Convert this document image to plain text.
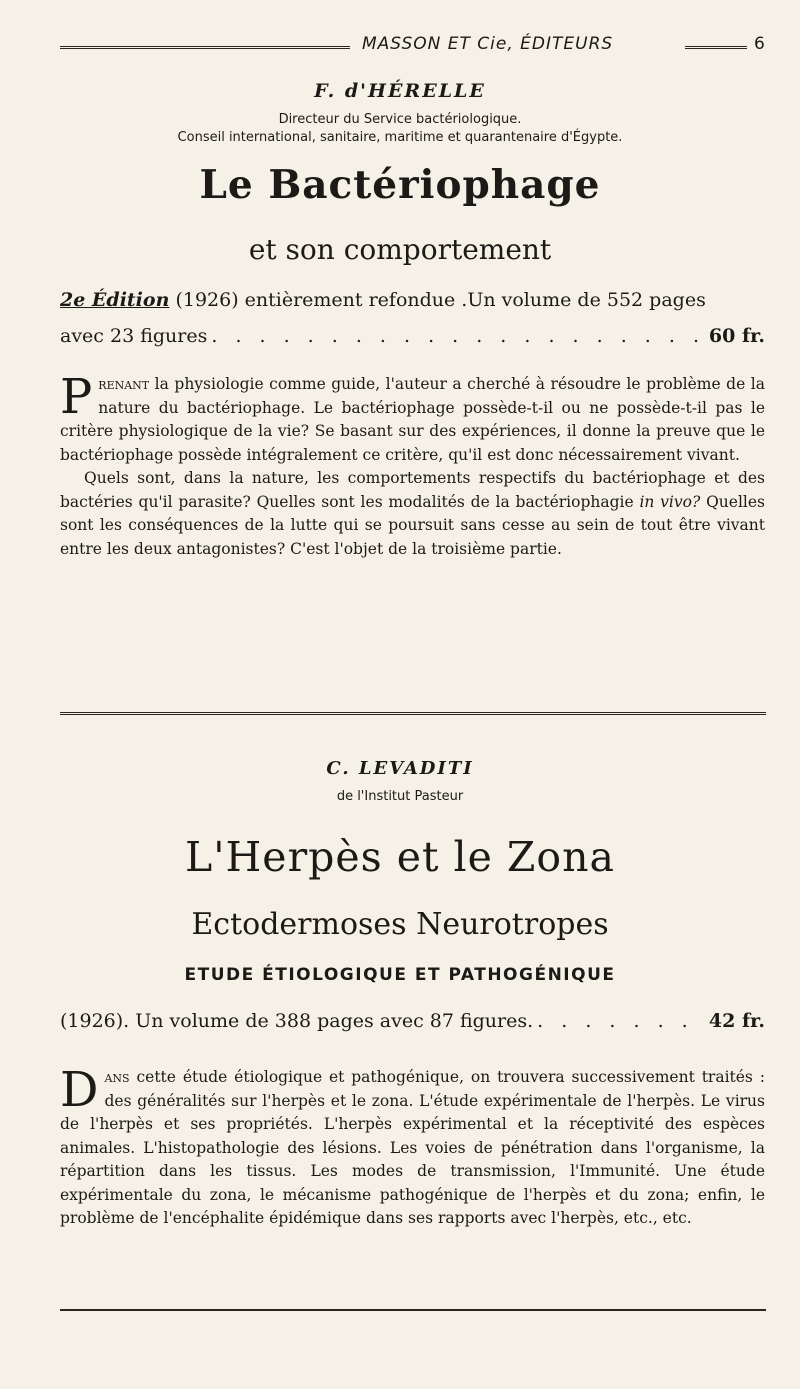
MASSON ET Cie, ÉDITEURS	6
F. d'HÉRELLE
Directeur du Service bactériologique.
Conseil international, sanitaire, maritime et quarantenaire d'Égypte.
Le Bactériophage
et son comportement
2e Édition (1926) entièrement refondue .Un volume de 552 pages
avec 23 figures . . .	60 fr.

Prenant la physiologie comme guide, l'auteur a cherché à résoudre le problème de la nature du bactériophage. Le bactériophage possède-t-il ou ne possède-t-il pas le critère physiologique de la vie? Se basant sur des expériences, il donne la preuve que le bactériophage possède intégralement ce critère, qu'il est donc nécessairement vivant.

Quels sont, dans la nature, les comportements respectifs du bactériophage et des bactéries qu'il parasite? Quelles sont les modalités de la bactériophagie in vivo? Quelles sont les conséquences de la lutte qui se poursuit sans cesse au sein de tout être vivant entre les deux antagonistes? C'est l'objet de la troisième partie.

C. LEVADITI
de l'Institut Pasteur
L'Herpès et le Zona
Ectodermoses Neurotropes
ETUDE ÉTIOLOGIQUE ET PATHOGÉNIQUE
(1926). Un volume de 388 pages avec 87 figures. . . .	42 fr.

Dans cette étude étiologique et pathogénique, on trouvera successivement traités : des généralités sur l'herpès et le zona. L'étude expérimentale de l'herpès. Le virus de l'herpès et ses propriétés. L'herpès expérimental et la réceptivité des espèces animales. L'histopathologie des lésions. Les voies de pénétration dans l'organisme, la répartition dans les tissus. Les modes de transmission, l'Immunité. Une étude expérimentale du zona, le mécanisme pathogénique de l'herpès et du zona; enfin, le problème de l'encéphalite épidémique dans ses rapports avec l'herpès, etc., etc.
